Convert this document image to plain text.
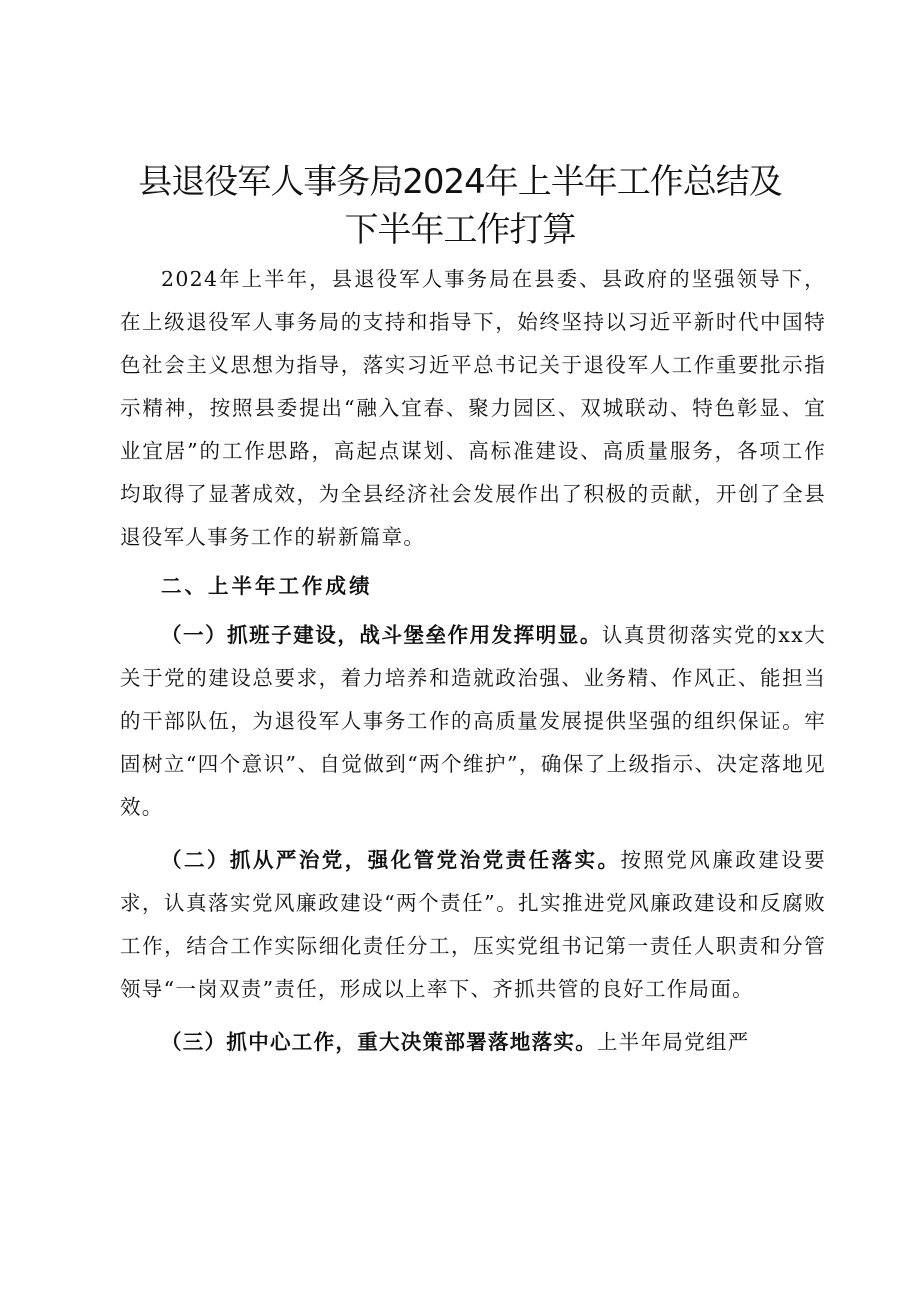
县退役军人事务局2024年上半年工作总结及
下半年工作打算

2024年上半年，县退役军人事务局在县委、县政府的坚强领导下，在上级退役军人事务局的支持和指导下，始终坚持以习近平新时代中国特色社会主义思想为指导，落实习近平总书记关于退役军人工作重要批示指示精神，按照县委提出“融入宜春、聚力园区、双城联动、特色彰显、宜业宜居”的工作思路，高起点谋划、高标准建设、高质量服务，各项工作均取得了显著成效，为全县经济社会发展作出了积极的贡献，开创了全县退役军人事务工作的崭新篇章。

二、上半年工作成绩

（一）抓班子建设，战斗堡垒作用发挥明显。认真贯彻落实党的xx大关于党的建设总要求，着力培养和造就政治强、业务精、作风正、能担当的干部队伍，为退役军人事务工作的高质量发展提供坚强的组织保证。牢固树立“四个意识”、自觉做到“两个维护”，确保了上级指示、决定落地见效。

（二）抓从严治党，强化管党治党责任落实。按照党风廉政建设要求，认真落实党风廉政建设“两个责任”。扎实推进党风廉政建设和反腐败工作，结合工作实际细化责任分工，压实党组书记第一责任人职责和分管领导“一岗双责”责任，形成以上率下、齐抓共管的良好工作局面。

（三）抓中心工作，重大决策部署落地落实。上半年局党组严
